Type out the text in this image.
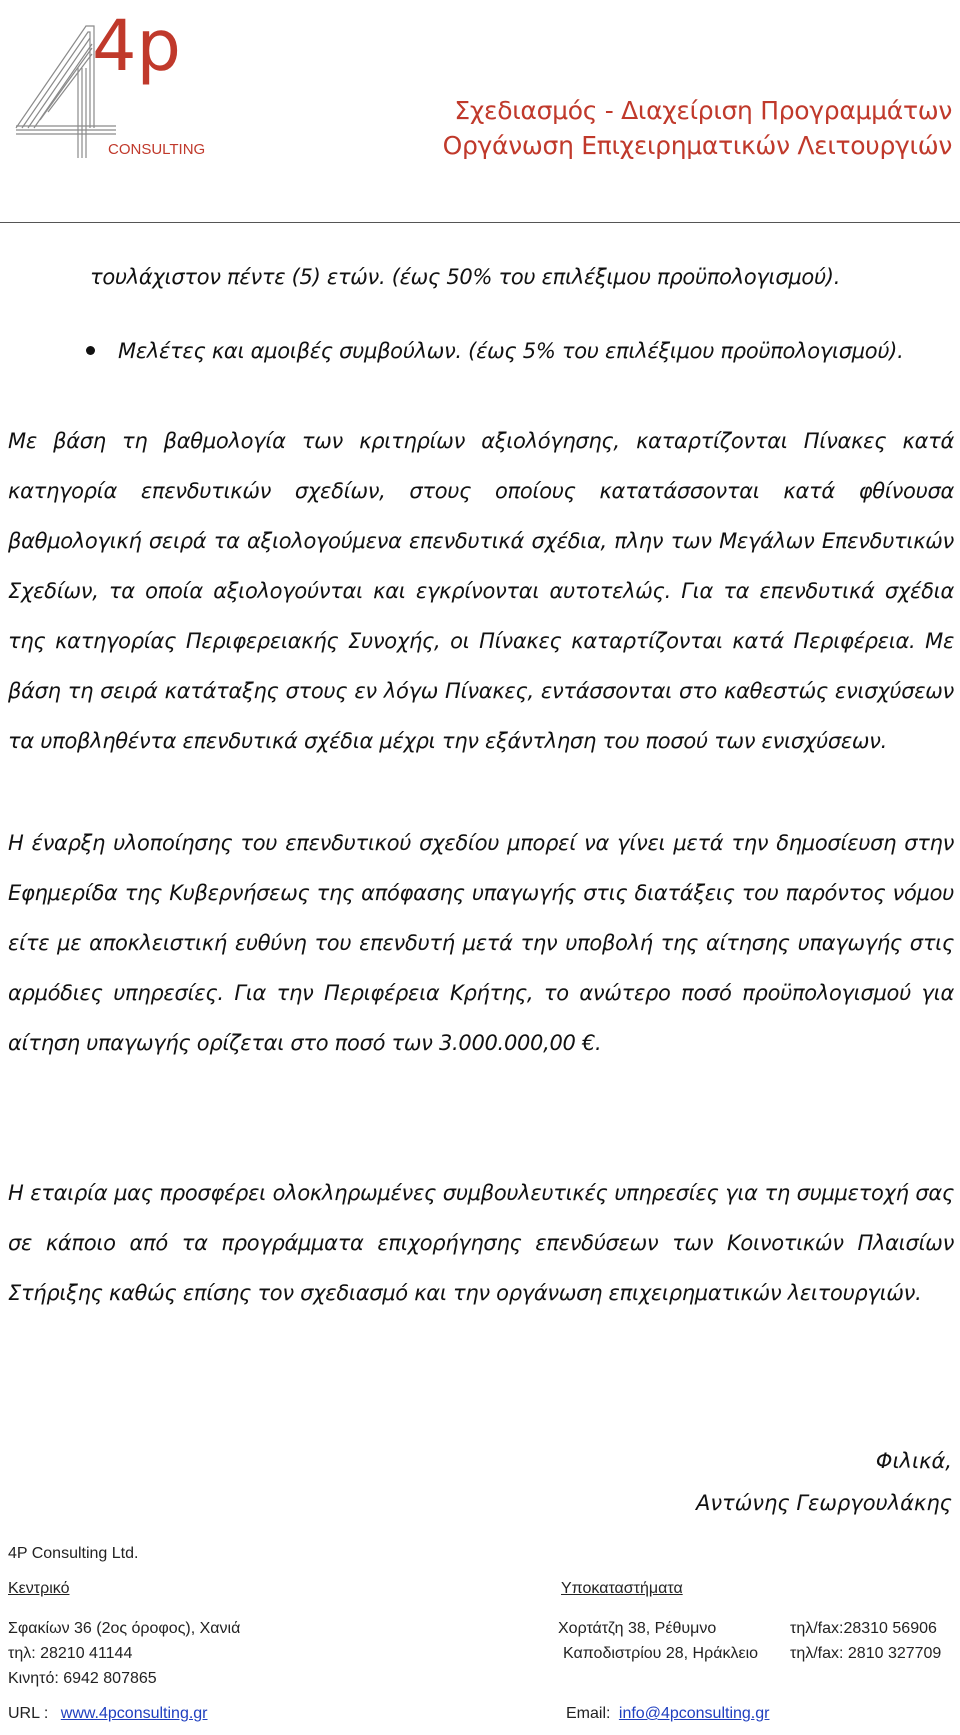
4p
CONSULTING
Σχεδιασμός - Διαχείριση Προγραμμάτων
Οργάνωση Επιχειρηματικών Λειτουργιών
τουλάχιστον πέντε (5) ετών. (έως 50% του επιλέξιμου προϋπολογισμού).
Μελέτες και αμοιβές συμβούλων. (έως 5% του επιλέξιμου προϋπολογισμού).
Με βάση τη βαθμολογία των κριτηρίων αξιολόγησης, καταρτίζονται Πίνακες κατά κατηγορία επενδυτικών σχεδίων, στους οποίους κατατάσσονται κατά φθίνουσα βαθμολογική σειρά τα αξιολογούμενα επενδυτικά σχέδια, πλην των Μεγάλων Επενδυτικών Σχεδίων, τα οποία αξιολογούνται και εγκρίνονται αυτοτελώς. Για τα επενδυτικά σχέδια της κατηγορίας Περιφερειακής Συνοχής, οι Πίνακες καταρτίζονται κατά Περιφέρεια. Με βάση τη σειρά κατάταξης στους εν λόγω Πίνακες, εντάσσονται στο καθεστώς ενισχύσεων τα υποβληθέντα επενδυτικά σχέδια μέχρι την εξάντληση του ποσού των ενισχύσεων.
Η έναρξη υλοποίησης του επενδυτικού σχεδίου μπορεί να γίνει μετά την δημοσίευση στην Εφημερίδα της Κυβερνήσεως της απόφασης υπαγωγής στις διατάξεις του παρόντος νόμου είτε με αποκλειστική ευθύνη του επενδυτή μετά την υποβολή της αίτησης υπαγωγής στις αρμόδιες υπηρεσίες. Για την Περιφέρεια Κρήτης, το ανώτερο ποσό προϋπολογισμού για αίτηση υπαγωγής ορίζεται στο ποσό των 3.000.000,00 €.
Η εταιρία μας προσφέρει ολοκληρωμένες συμβουλευτικές υπηρεσίες για τη συμμετοχή σας σε κάποιο από τα προγράμματα επιχορήγησης επενδύσεων των Κοινοτικών Πλαισίων Στήριξης καθώς επίσης τον σχεδιασμό και την οργάνωση επιχειρηματικών λειτουργιών.
Φιλικά,
Αντώνης Γεωργουλάκης
4P Consulting Ltd.
Κεντρικό	Υποκαταστήματα
Σφακίων 36 (2ος όροφος), Χανιά	Χορτάτζη 38, Ρέθυμνο	τηλ/fax:28310 56906
τηλ: 28210 41144	Καποδιστρίου 28, Ηράκλειο τηλ/fax: 2810 327709
Κινητό: 6942 807865
URL : www.4pconsulting.gr	Email: info@4pconsulting.gr
